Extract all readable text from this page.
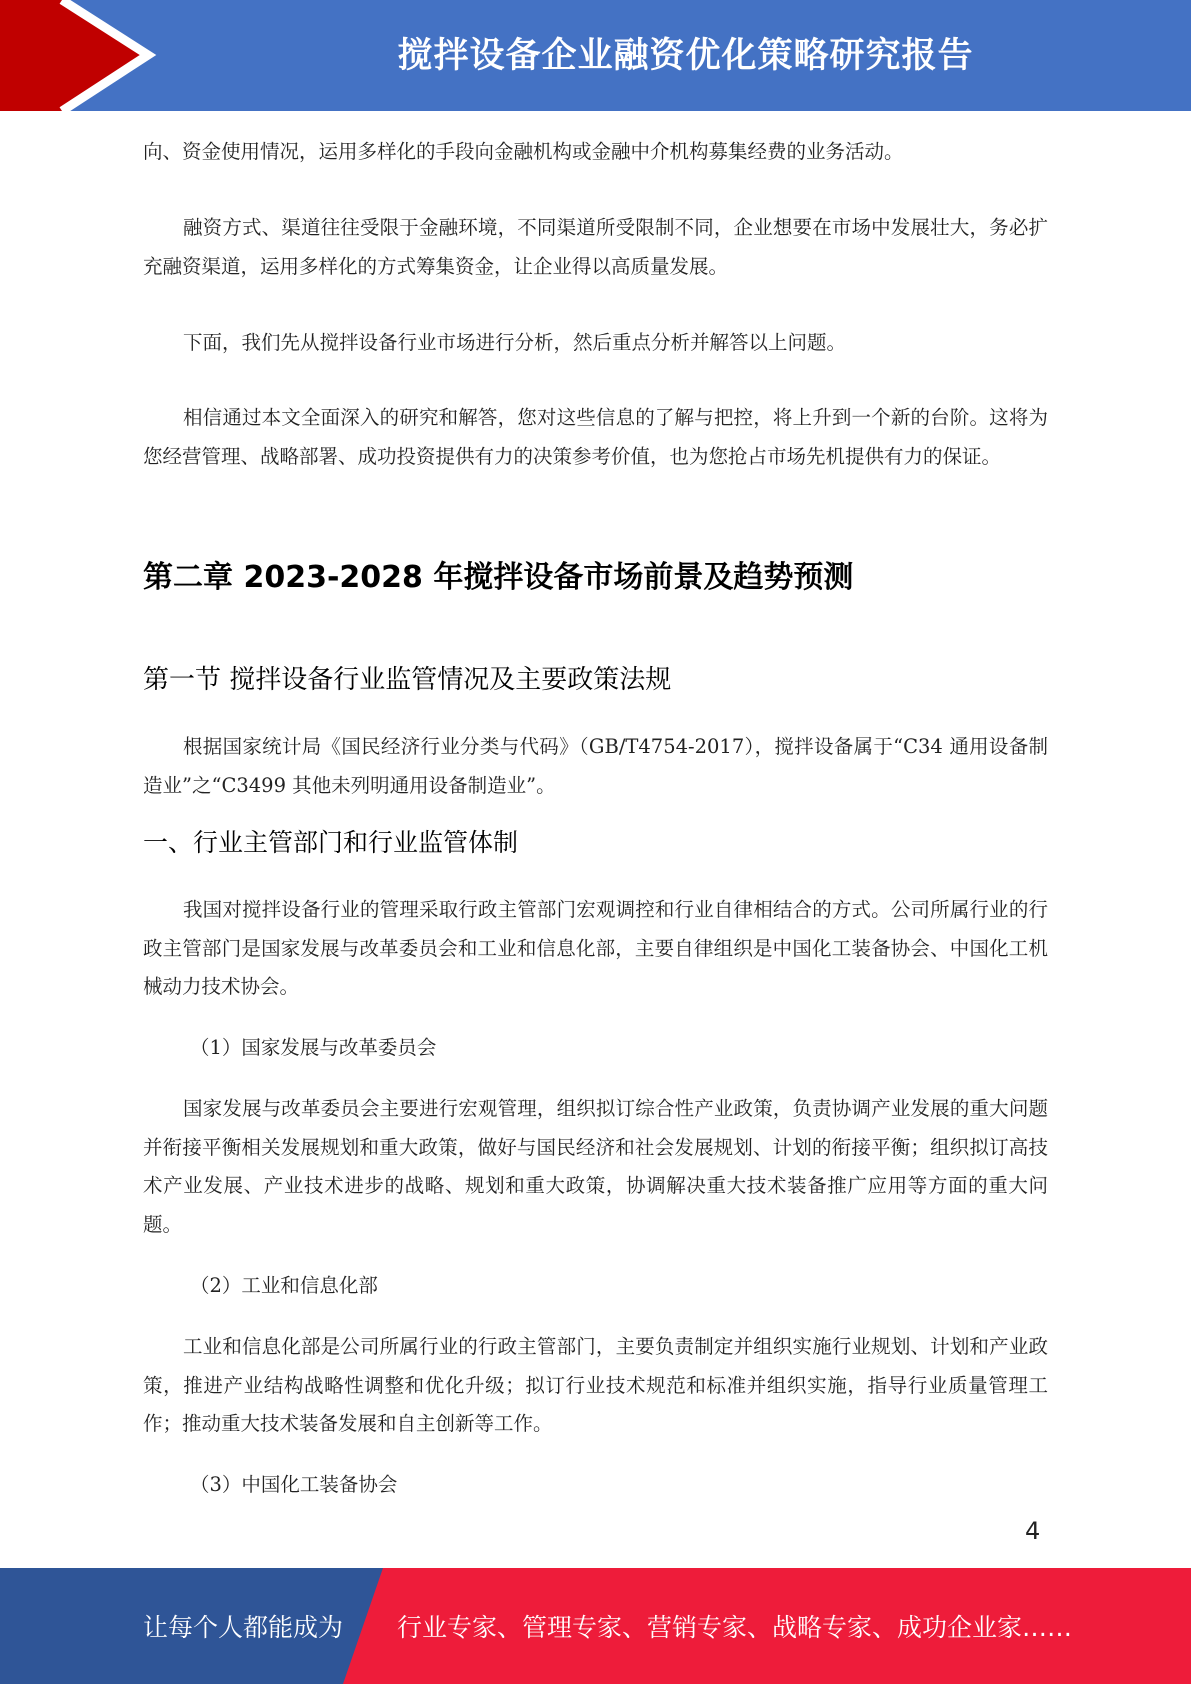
搅拌设备企业融资优化策略研究报告

向、资金使用情况，运用多样化的手段向金融机构或金融中介机构募集经费的业务活动。

融资方式、渠道往往受限于金融环境，不同渠道所受限制不同，企业想要在市场中发展壮大，务必扩充融资渠道，运用多样化的方式筹集资金，让企业得以高质量发展。

下面，我们先从搅拌设备行业市场进行分析，然后重点分析并解答以上问题。

相信通过本文全面深入的研究和解答，您对这些信息的了解与把控，将上升到一个新的台阶。这将为您经营管理、战略部署、成功投资提供有力的决策参考价值，也为您抢占市场先机提供有力的保证。

第二章 2023-2028 年搅拌设备市场前景及趋势预测
第一节 搅拌设备行业监管情况及主要政策法规

根据国家统计局《国民经济行业分类与代码》（GB/T4754-2017），搅拌设备属于“C34 通用设备制造业”之“C3499 其他未列明通用设备制造业”。

一、行业主管部门和行业监管体制

我国对搅拌设备行业的管理采取行政主管部门宏观调控和行业自律相结合的方式。公司所属行业的行政主管部门是国家发展与改革委员会和工业和信息化部，主要自律组织是中国化工装备协会、中国化工机械动力技术协会。

（1）国家发展与改革委员会

国家发展与改革委员会主要进行宏观管理，组织拟订综合性产业政策，负责协调产业发展的重大问题并衔接平衡相关发展规划和重大政策，做好与国民经济和社会发展规划、计划的衔接平衡；组织拟订高技术产业发展、产业技术进步的战略、规划和重大政策，协调解决重大技术装备推广应用等方面的重大问题。

（2）工业和信息化部

工业和信息化部是公司所属行业的行政主管部门，主要负责制定并组织实施行业规划、计划和产业政策，推进产业结构战略性调整和优化升级；拟订行业技术规范和标准并组织实施，指导行业质量管理工作；推动重大技术装备发展和自主创新等工作。

（3）中国化工装备协会

4
让每个人都能成为 行业专家、管理专家、营销专家、战略专家、成功企业家……
